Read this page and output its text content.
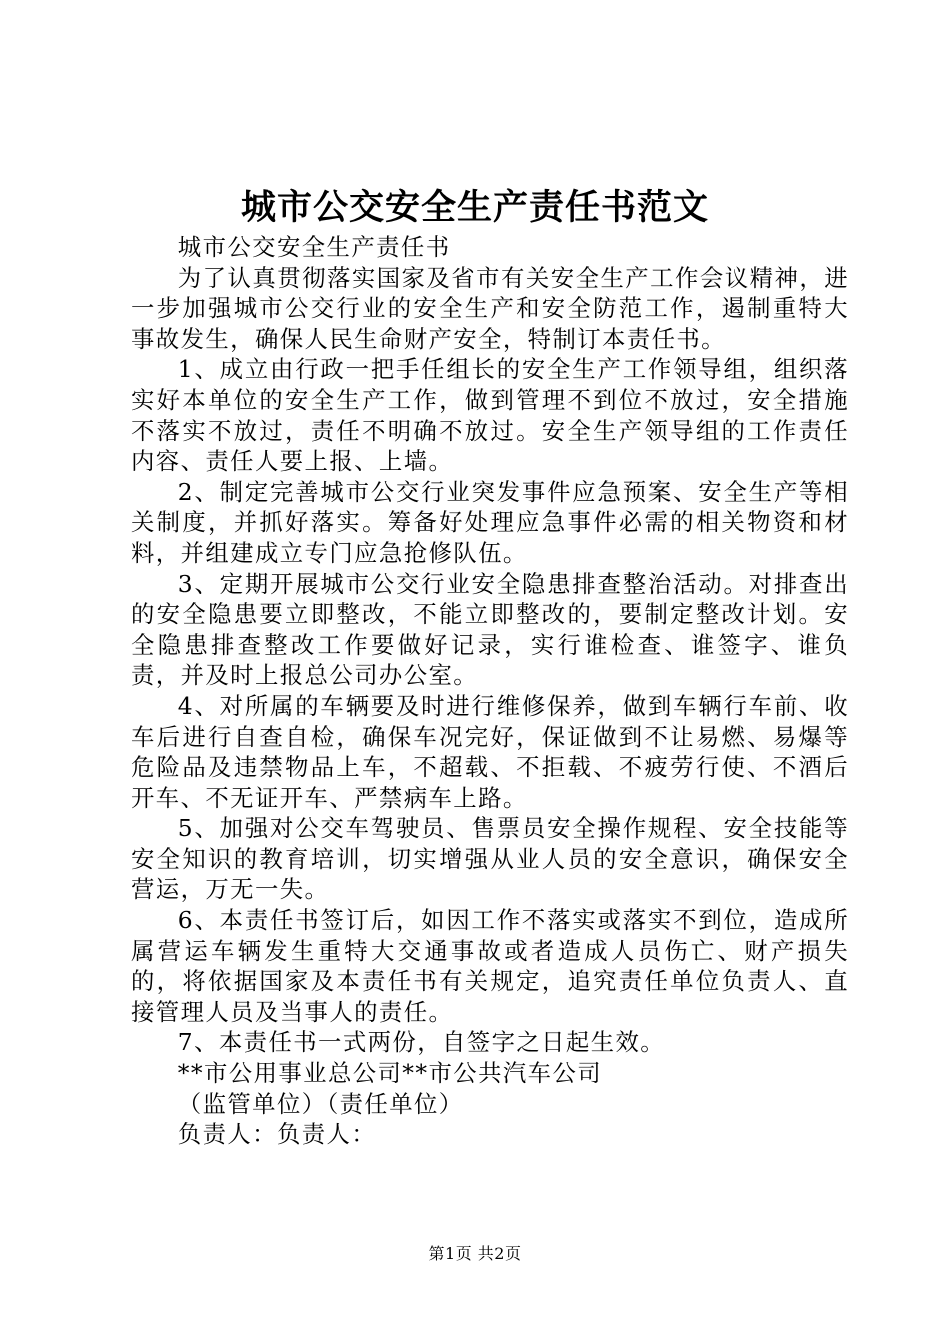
城市公交安全生产责任书范文

城市公交安全生产责任书

为了认真贯彻落实国家及省市有关安全生产工作会议精神，进一步加强城市公交行业的安全生产和安全防范工作，遏制重特大事故发生，确保人民生命财产安全，特制订本责任书。

1、成立由行政一把手任组长的安全生产工作领导组，组织落实好本单位的安全生产工作，做到管理不到位不放过，安全措施不落实不放过，责任不明确不放过。安全生产领导组的工作责任内容、责任人要上报、上墙。

2、制定完善城市公交行业突发事件应急预案、安全生产等相关制度，并抓好落实。筹备好处理应急事件必需的相关物资和材料，并组建成立专门应急抢修队伍。

3、定期开展城市公交行业安全隐患排查整治活动。对排查出的安全隐患要立即整改，不能立即整改的，要制定整改计划。安全隐患排查整改工作要做好记录，实行谁检查、谁签字、谁负责，并及时上报总公司办公室。

4、对所属的车辆要及时进行维修保养，做到车辆行车前、收车后进行自查自检，确保车况完好，保证做到不让易燃、易爆等危险品及违禁物品上车，不超载、不拒载、不疲劳行使、不酒后开车、不无证开车、严禁病车上路。

5、加强对公交车驾驶员、售票员安全操作规程、安全技能等安全知识的教育培训，切实增强从业人员的安全意识，确保安全营运，万无一失。

6、本责任书签订后，如因工作不落实或落实不到位，造成所属营运车辆发生重特大交通事故或者造成人员伤亡、财产损失的，将依据国家及本责任书有关规定，追究责任单位负责人、直接管理人员及当事人的责任。

7、本责任书一式两份，自签字之日起生效。

**市公用事业总公司**市公共汽车公司

（监管单位）（责任单位）

负责人：负责人：

第1页 共2页
